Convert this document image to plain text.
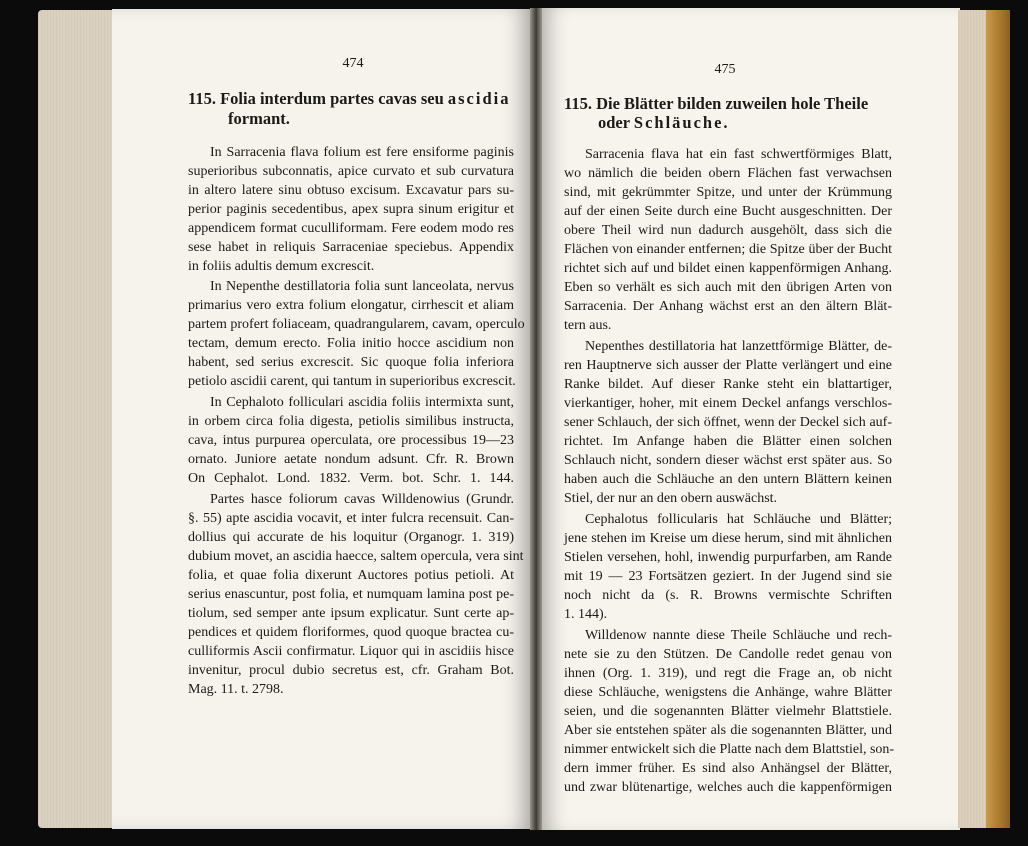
474
115. Folia interdum partes cavas seu ascidia
formant.
In Sarracenia flava folium est fere ensiforme paginis
superioribus subconnatis, apice curvato et sub curvatura
in altero latere sinu obtuso excisum. Excavatur pars su-
perior paginis secedentibus, apex supra sinum erigitur et
appendicem format cuculliformam. Fere eodem modo res
sese habet in reliquis Sarraceniae speciebus. Appendix
in foliis adultis demum excrescit.
In Nepenthe destillatoria folia sunt lanceolata, nervus
primarius vero extra folium elongatur, cirrhescit et aliam
partem profert foliaceam, quadrangularem, cavam, operculo
tectam, demum erecto. Folia initio hocce ascidium non
habent, sed serius excrescit. Sic quoque folia inferiora
petiolo ascidii carent, qui tantum in superioribus excrescit.
In Cephaloto folliculari ascidia foliis intermixta sunt,
in orbem circa folia digesta, petiolis similibus instructa,
cava, intus purpurea operculata, ore processibus 19—23
ornato. Juniore aetate nondum adsunt. Cfr. R. Brown
On Cephalot. Lond. 1832. Verm. bot. Schr. 1. 144.
Partes hasce foliorum cavas Willdenowius (Grundr.
§. 55) apte ascidia vocavit, et inter fulcra recensuit. Can-
dollius qui accurate de his loquitur (Organogr. 1. 319)
dubium movet, an ascidia haecce, saltem opercula, vera sint
folia, et quae folia dixerunt Auctores potius petioli. At
serius enascuntur, post folia, et numquam lamina post pe-
tiolum, sed semper ante ipsum explicatur. Sunt certe ap-
pendices et quidem floriformes, quod quoque bractea cu-
culliformis Ascii confirmatur. Liquor qui in ascidiis hisce
invenitur, procul dubio secretus est, cfr. Graham Bot.
Mag. 11. t. 2798.
475
115. Die Blätter bilden zuweilen hole Theile
oder Schläuche.
Sarracenia flava hat ein fast schwertförmiges Blatt,
wo nämlich die beiden obern Flächen fast verwachsen
sind, mit gekrümmter Spitze, und unter der Krümmung
auf der einen Seite durch eine Bucht ausgeschnitten. Der
obere Theil wird nun dadurch ausgehölt, dass sich die
Flächen von einander entfernen; die Spitze über der Bucht
richtet sich auf und bildet einen kappenförmigen Anhang.
Eben so verhält es sich auch mit den übrigen Arten von
Sarracenia. Der Anhang wächst erst an den ältern Blät-
tern aus.
Nepenthes destillatoria hat lanzettförmige Blätter, de-
ren Hauptnerve sich ausser der Platte verlängert und eine
Ranke bildet. Auf dieser Ranke steht ein blattartiger,
vierkantiger, hoher, mit einem Deckel anfangs verschlos-
sener Schlauch, der sich öffnet, wenn der Deckel sich auf-
richtet. Im Anfange haben die Blätter einen solchen
Schlauch nicht, sondern dieser wächst erst später aus. So
haben auch die Schläuche an den untern Blättern keinen
Stiel, der nur an den obern auswächst.
Cephalotus follicularis hat Schläuche und Blätter;
jene stehen im Kreise um diese herum, sind mit ähnlichen
Stielen versehen, hohl, inwendig purpurfarben, am Rande
mit 19 — 23 Fortsätzen geziert. In der Jugend sind sie
noch nicht da (s. R. Browns vermischte Schriften
1. 144).
Willdenow nannte diese Theile Schläuche und rech-
nete sie zu den Stützen. De Candolle redet genau von
ihnen (Org. 1. 319), und regt die Frage an, ob nicht
diese Schläuche, wenigstens die Anhänge, wahre Blätter
seien, und die sogenannten Blätter vielmehr Blattstiele.
Aber sie entstehen später als die sogenannten Blätter, und
nimmer entwickelt sich die Platte nach dem Blattstiel, son-
dern immer früher. Es sind also Anhängsel der Blätter,
und zwar blütenartige, welches auch die kappenförmigen
